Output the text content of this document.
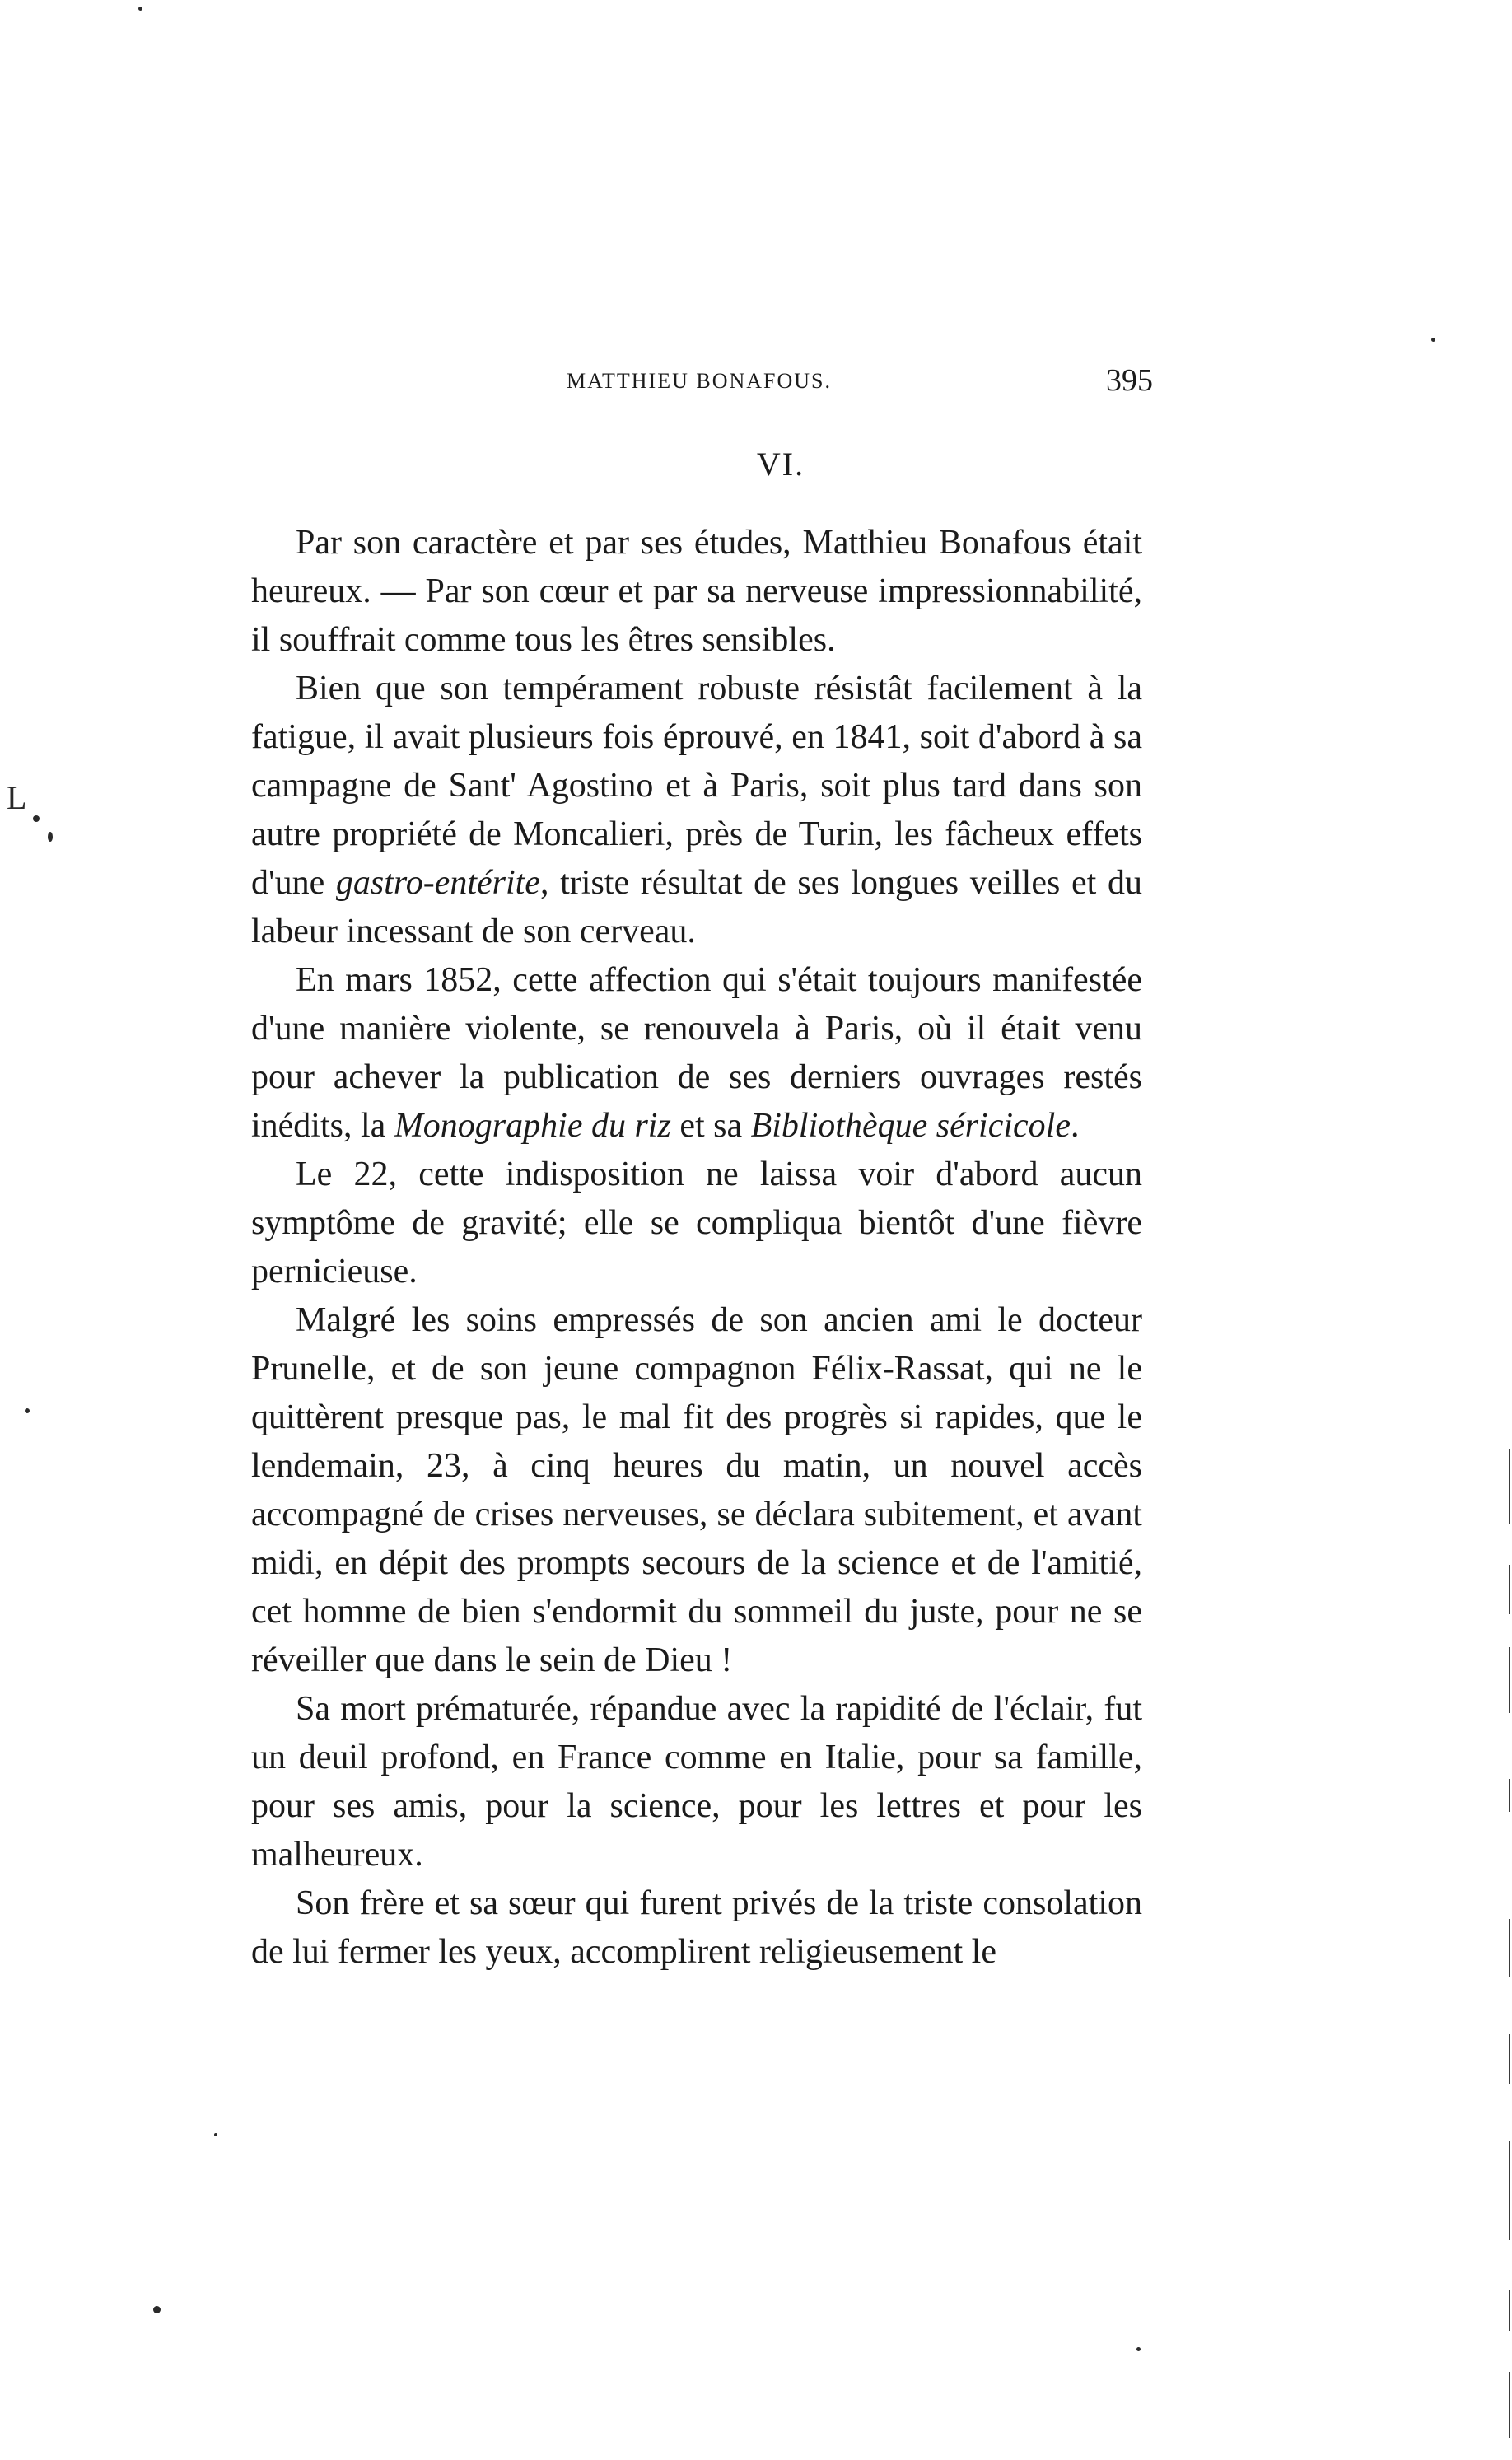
MATTHIEU BONAFOUS.	395
VI.

Par son caractère et par ses études, Matthieu Bonafous était heureux. — Par son cœur et par sa nerveuse impressionnabilité, il souffrait comme tous les êtres sensibles.

Bien que son tempérament robuste résistât facilement à la fatigue, il avait plusieurs fois éprouvé, en 1841, soit d'abord à sa campagne de Sant' Agostino et à Paris, soit plus tard dans son autre propriété de Moncalieri, près de Turin, les fâcheux effets d'une gastro-entérite, triste résultat de ses longues veilles et du labeur incessant de son cerveau.

En mars 1852, cette affection qui s'était toujours manifestée d'une manière violente, se renouvela à Paris, où il était venu pour achever la publication de ses derniers ouvrages restés inédits, la Monographie du riz et sa Bibliothèque séricicole.

Le 22, cette indisposition ne laissa voir d'abord aucun symptôme de gravité; elle se compliqua bientôt d'une fièvre pernicieuse.

Malgré les soins empressés de son ancien ami le docteur Prunelle, et de son jeune compagnon Félix-Rassat, qui ne le quittèrent presque pas, le mal fit des progrès si rapides, que le lendemain, 23, à cinq heures du matin, un nouvel accès accompagné de crises nerveuses, se déclara subitement, et avant midi, en dépit des prompts secours de la science et de l'amitié, cet homme de bien s'endormit du sommeil du juste, pour ne se réveiller que dans le sein de Dieu !

Sa mort prématurée, répandue avec la rapidité de l'éclair, fut un deuil profond, en France comme en Italie, pour sa famille, pour ses amis, pour la science, pour les lettres et pour les malheureux.

Son frère et sa sœur qui furent privés de la triste consolation de lui fermer les yeux, accomplirent religieusement le

L
